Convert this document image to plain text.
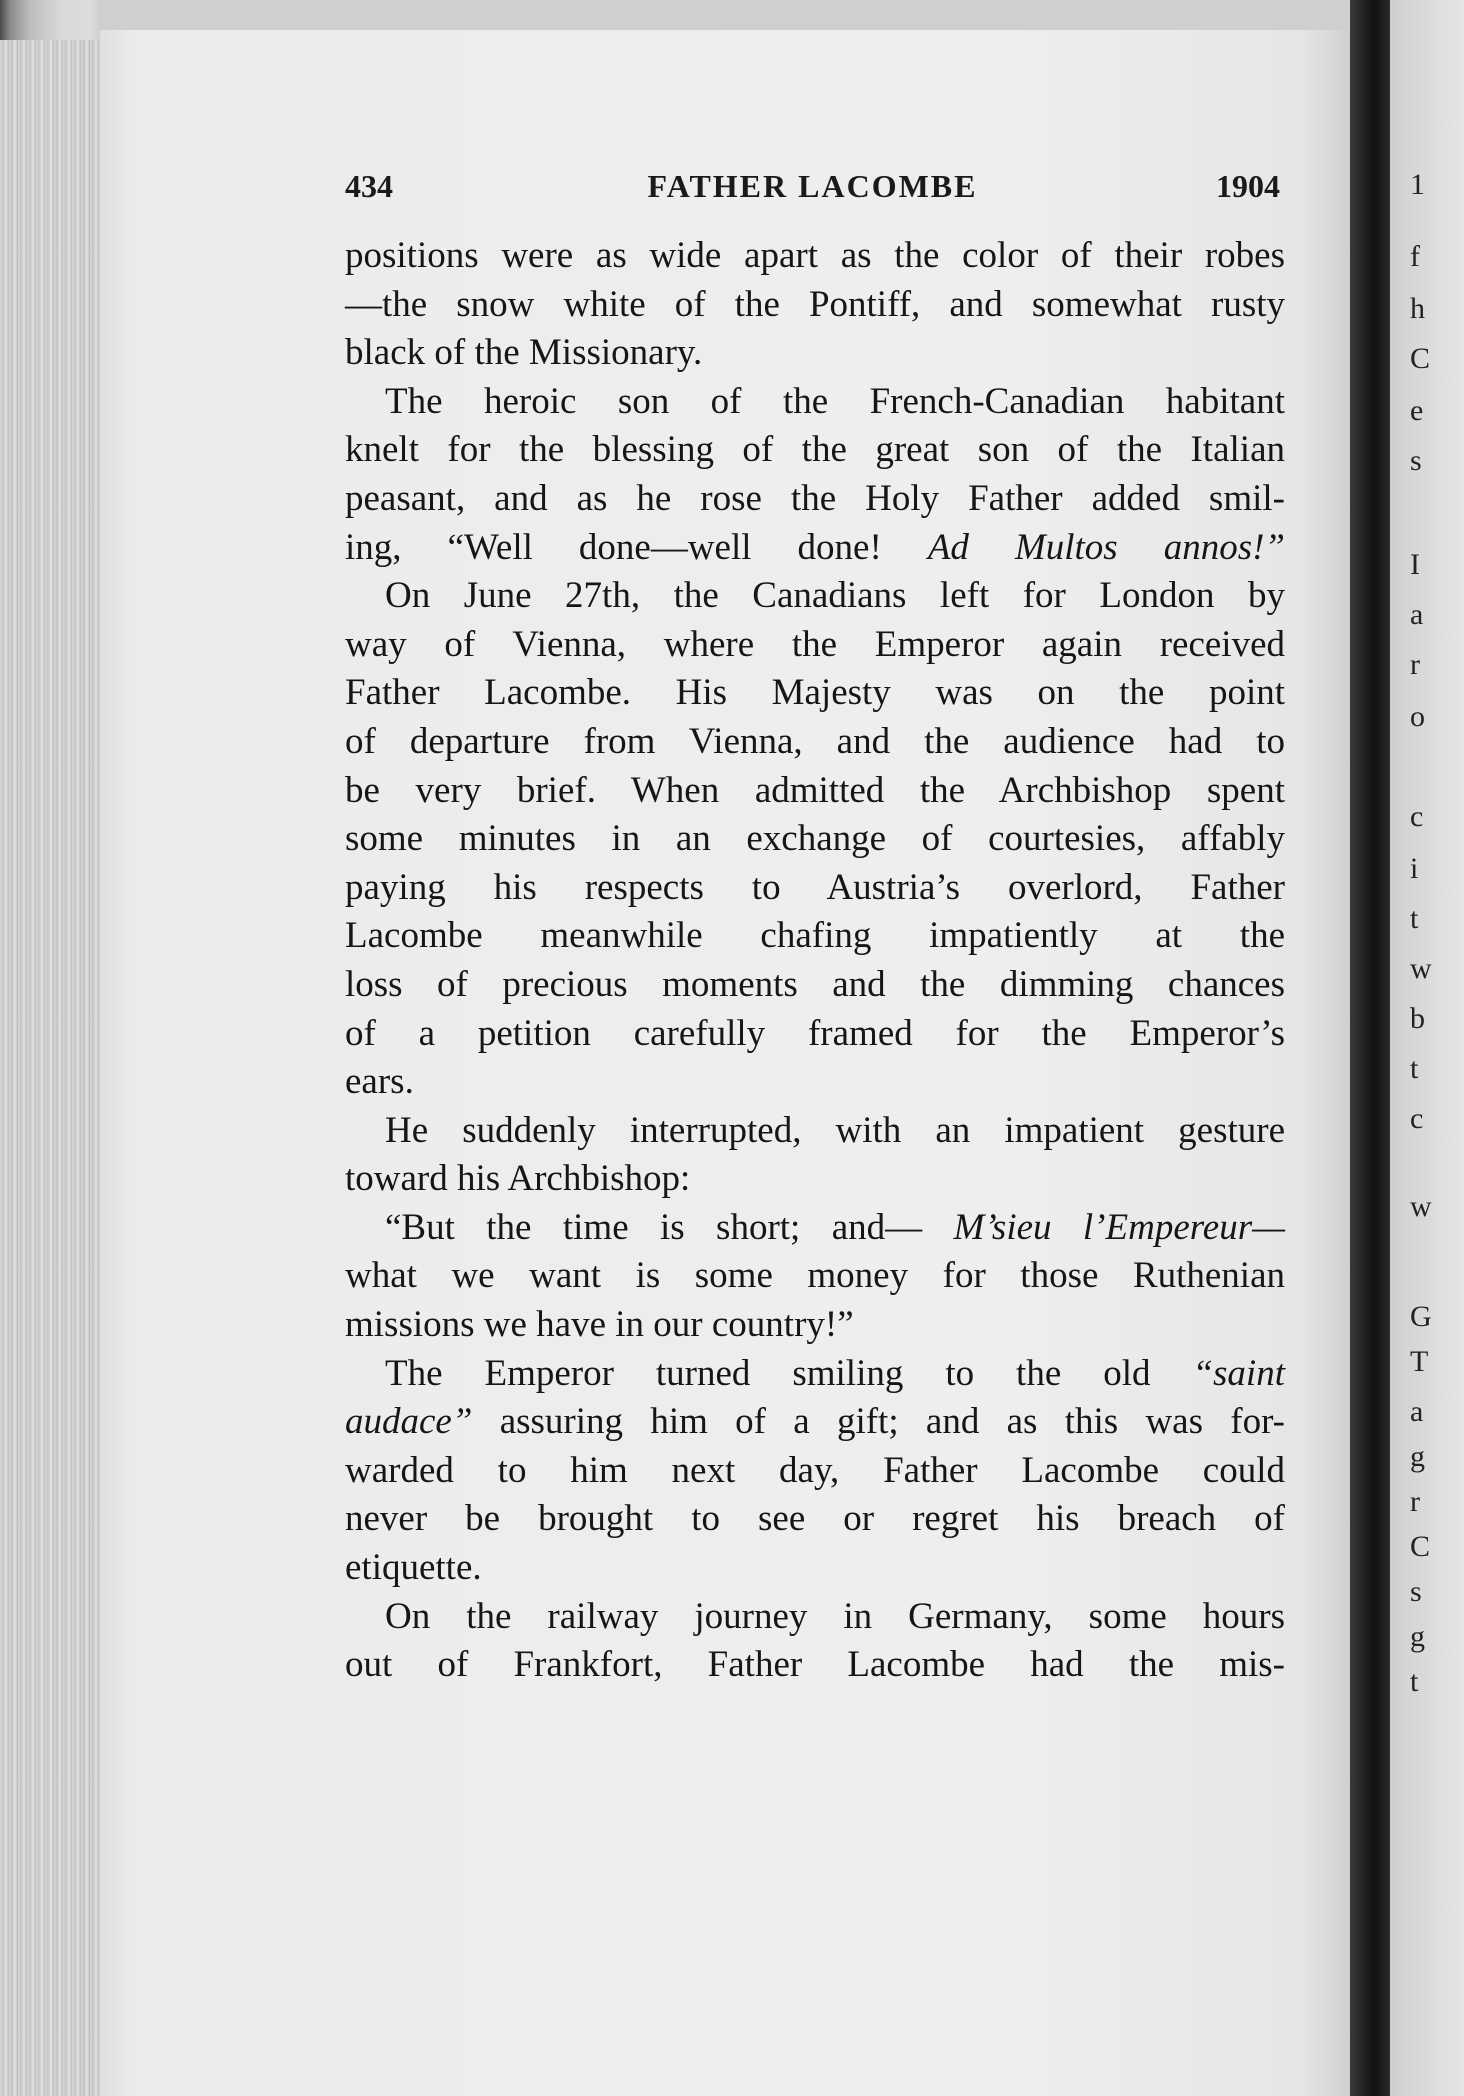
1
f
h
C
e
s
I
a
r
o
c
i
t
w
b
t
c
w
G
T
a
g
r
C
s
g
t
434	FATHER LACOMBE	1904
positions were as wide apart as the color of their robes
—the snow white of the Pontiff, and somewhat rusty
black of the Missionary.
The heroic son of the French-Canadian habitant
knelt for the blessing of the great son of the Italian
peasant, and as he rose the Holy Father added smil-
ing, “Well done—well done! Ad Multos annos!”
On June 27th, the Canadians left for London by
way of Vienna, where the Emperor again received
Father Lacombe. His Majesty was on the point
of departure from Vienna, and the audience had to
be very brief. When admitted the Archbishop spent
some minutes in an exchange of courtesies, affably
paying his respects to Austria’s overlord, Father
Lacombe meanwhile chafing impatiently at the
loss of precious moments and the dimming chances
of a petition carefully framed for the Emperor’s
ears.
He suddenly interrupted, with an impatient gesture
toward his Archbishop:
“But the time is short; and— M’sieu l’Empereur—
what we want is some money for those Ruthenian
missions we have in our country!”
The Emperor turned smiling to the old “saint
audace” assuring him of a gift; and as this was for-
warded to him next day, Father Lacombe could
never be brought to see or regret his breach of
etiquette.
On the railway journey in Germany, some hours
out of Frankfort, Father Lacombe had the mis-
